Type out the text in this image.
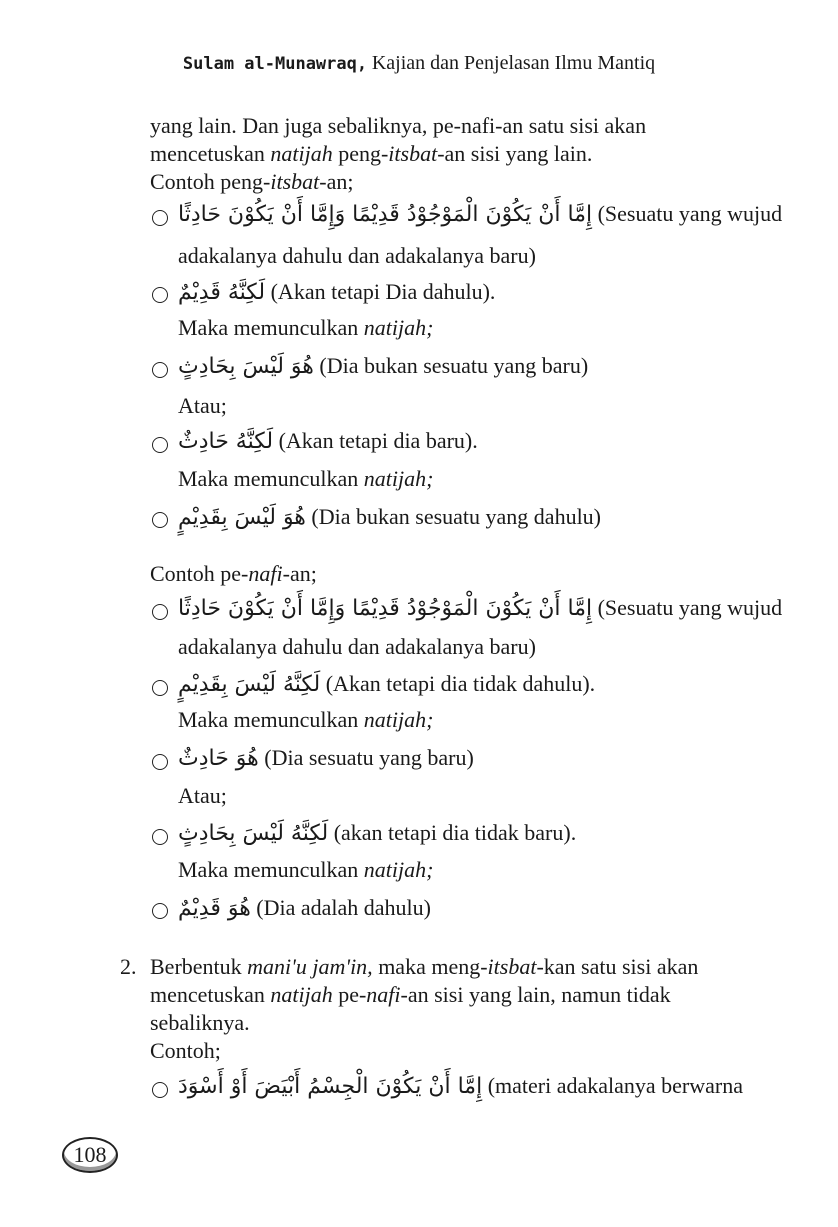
Sulam al-Munawraq, Kajian dan Penjelasan Ilmu Mantiq
yang lain. Dan juga sebaliknya, pe-nafi-an satu sisi akan
mencetuskan natijah peng-itsbat-an sisi yang lain.
Contoh peng-itsbat-an;
إِمَّا أَنْ يَكُوْنَ الْمَوْجُوْدُ قَدِيْمًا وَإِمَّا أَنْ يَكُوْنَ حَادِثًا (Sesuatu yang wujud
adakalanya dahulu dan adakalanya baru)
لَكِنَّهُ قَدِيْمٌ (Akan tetapi Dia dahulu).
Maka memunculkan natijah;
هُوَ لَيْسَ بِحَادِثٍ (Dia bukan sesuatu yang baru)
Atau;
لَكِنَّهُ حَادِثٌ (Akan tetapi dia baru).
Maka memunculkan natijah;
هُوَ لَيْسَ بِقَدِيْمٍ (Dia bukan sesuatu yang dahulu)
Contoh pe-nafi-an;
إِمَّا أَنْ يَكُوْنَ الْمَوْجُوْدُ قَدِيْمًا وَإِمَّا أَنْ يَكُوْنَ حَادِثًا (Sesuatu yang wujud
adakalanya dahulu dan adakalanya baru)
لَكِنَّهُ لَيْسَ بِقَدِيْمٍ (Akan tetapi dia tidak dahulu).
Maka memunculkan natijah;
هُوَ حَادِثٌ (Dia sesuatu yang baru)
Atau;
لَكِنَّهُ لَيْسَ بِحَادِثٍ (akan tetapi dia tidak baru).
Maka memunculkan natijah;
هُوَ قَدِيْمٌ (Dia adalah dahulu)
2. Berbentuk mani'u jam'in, maka meng-itsbat-kan satu sisi akan
mencetuskan natijah pe-nafi-an sisi yang lain, namun tidak
sebaliknya.
Contoh;
إِمَّا أَنْ يَكُوْنَ الْجِسْمُ أَبْيَضَ أَوْ أَسْوَدَ (materi adakalanya berwarna
108
